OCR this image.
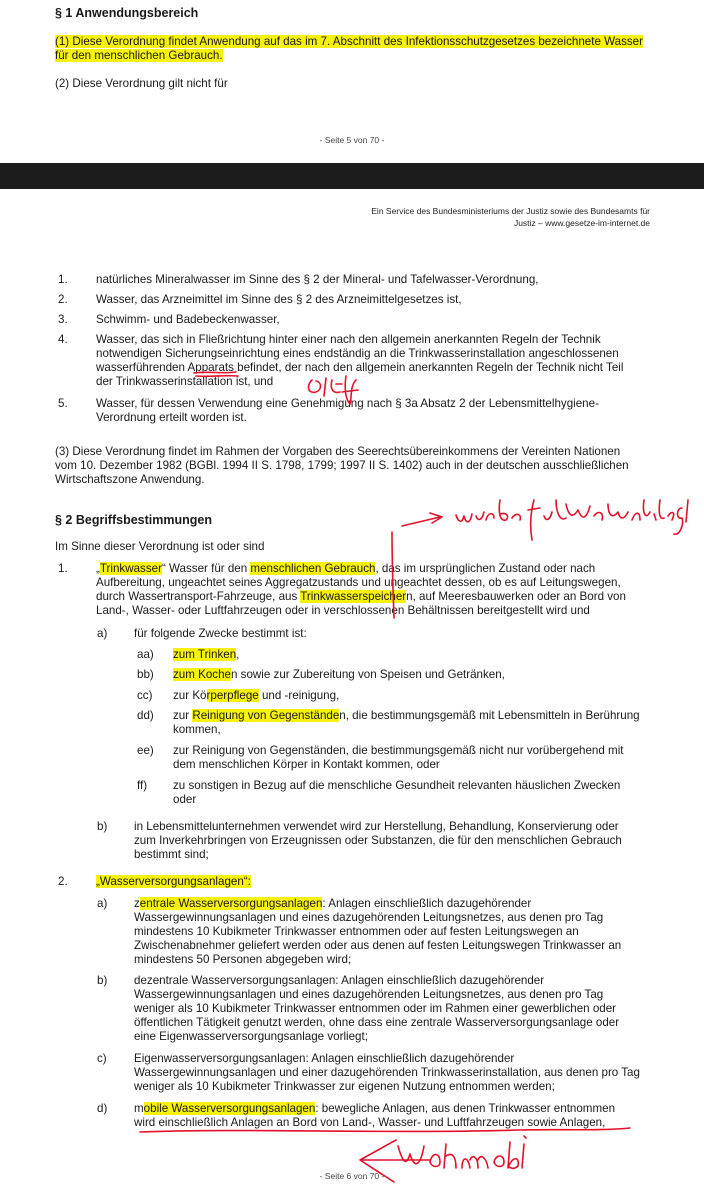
§ 1 Anwendungsbereich
(1) Diese Verordnung findet Anwendung auf das im 7. Abschnitt des Infektionsschutzgesetzes bezeichnete Wasser
für den menschlichen Gebrauch.
(2) Diese Verordnung gilt nicht für
- Seite 5 von 70 -
Ein Service des Bundesministeriums der Justiz sowie des Bundesamts für
Justiz ‒ www.gesetze-im-internet.de
1. natürliches Mineralwasser im Sinne des § 2 der Mineral- und Tafelwasser-Verordnung,
2. Wasser, das Arzneimittel im Sinne des § 2 des Arzneimittelgesetzes ist,
3. Schwimm- und Badebeckenwasser,
4. Wasser, das sich in Fließrichtung hinter einer nach den allgemein anerkannten Regeln der Technik
notwendigen Sicherungseinrichtung eines endständig an die Trinkwasserinstallation angeschlossenen
wasserführenden Apparats befindet, der nach den allgemein anerkannten Regeln der Technik nicht Teil
der Trinkwasserinstallation ist, und
5. Wasser, für dessen Verwendung eine Genehmigung nach § 3a Absatz 2 der Lebensmittelhygiene-
Verordnung erteilt worden ist.
(3) Diese Verordnung findet im Rahmen der Vorgaben des Seerechtsübereinkommens der Vereinten Nationen
vom 10. Dezember 1982 (BGBl. 1994 II S. 1798, 1799; 1997 II S. 1402) auch in der deutschen ausschließlichen
Wirtschaftszone Anwendung.
§ 2 Begriffsbestimmungen
Im Sinne dieser Verordnung ist oder sind
1. „Trinkwasser“ Wasser für den menschlichen Gebrauch, das im ursprünglichen Zustand oder nach
Aufbereitung, ungeachtet seines Aggregatzustands und ungeachtet dessen, ob es auf Leitungswegen,
durch Wassertransport-Fahrzeuge, aus Trinkwasserspeichern, auf Meeresbauwerken oder an Bord von
Land-, Wasser- oder Luftfahrzeugen oder in verschlossenen Behältnissen bereitgestellt wird und
a) für folgende Zwecke bestimmt ist:
aa) zum Trinken,
bb) zum Kochen sowie zur Zubereitung von Speisen und Getränken,
cc) zur Körperpflege und -reinigung,
dd) zur Reinigung von Gegenständen, die bestimmungsgemäß mit Lebensmitteln in Berührung
kommen,
ee) zur Reinigung von Gegenständen, die bestimmungsgemäß nicht nur vorübergehend mit
dem menschlichen Körper in Kontakt kommen, oder
ff) zu sonstigen in Bezug auf die menschliche Gesundheit relevanten häuslichen Zwecken
oder
b) in Lebensmittelunternehmen verwendet wird zur Herstellung, Behandlung, Konservierung oder
zum Inverkehrbringen von Erzeugnissen oder Substanzen, die für den menschlichen Gebrauch
bestimmt sind;
2. „Wasserversorgungsanlagen“:
a) zentrale Wasserversorgungsanlagen: Anlagen einschließlich dazugehörender
Wassergewinnungsanlagen und eines dazugehörenden Leitungsnetzes, aus denen pro Tag
mindestens 10 Kubikmeter Trinkwasser entnommen oder auf festen Leitungswegen an
Zwischenabnehmer geliefert werden oder aus denen auf festen Leitungswegen Trinkwasser an
mindestens 50 Personen abgegeben wird;
b) dezentrale Wasserversorgungsanlagen: Anlagen einschließlich dazugehörender
Wassergewinnungsanlagen und eines dazugehörenden Leitungsnetzes, aus denen pro Tag
weniger als 10 Kubikmeter Trinkwasser entnommen oder im Rahmen einer gewerblichen oder
öffentlichen Tätigkeit genutzt werden, ohne dass eine zentrale Wasserversorgungsanlage oder
eine Eigenwasserversorgungsanlage vorliegt;
c) Eigenwasserversorgungsanlagen: Anlagen einschließlich dazugehörender
Wassergewinnungsanlagen und einer dazugehörenden Trinkwasserinstallation, aus denen pro Tag
weniger als 10 Kubikmeter Trinkwasser zur eigenen Nutzung entnommen werden;
d) mobile Wasserversorgungsanlagen: bewegliche Anlagen, aus denen Trinkwasser entnommen
wird einschließlich Anlagen an Bord von Land-, Wasser- und Luftfahrzeugen sowie Anlagen,
- Seite 6 von 70 -
